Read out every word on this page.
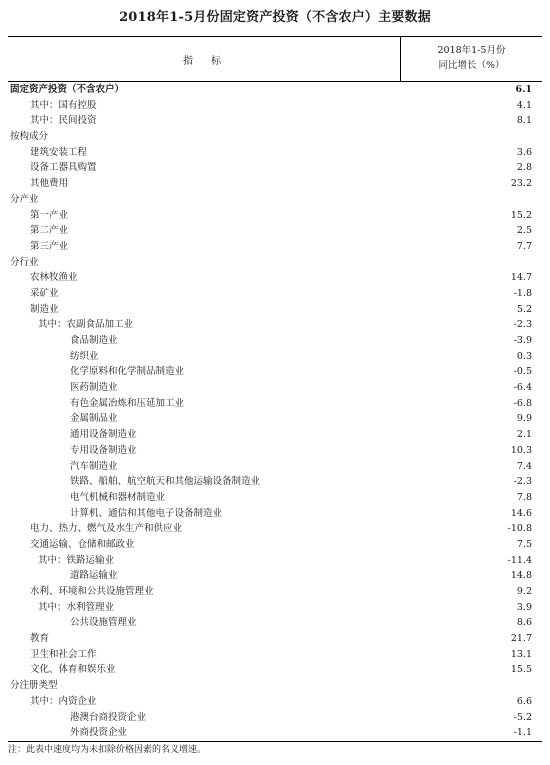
2018年1-5月份固定资产投资（不含农户）主要数据
指　标
2018年1-5月份
同比增长（%）
固定资产投资（不含农户）	6.1
其中：国有控股	4.1
其中：民间投资	8.1
按构成分
建筑安装工程	3.6
设备工器具购置	2.8
其他费用	23.2
分产业
第一产业	15.2
第二产业	2.5
第三产业	7.7
分行业
农林牧渔业	14.7
采矿业	-1.8
制造业	5.2
其中：农副食品加工业	-2.3
食品制造业	-3.9
纺织业	0.3
化学原料和化学制品制造业	-0.5
医药制造业	-6.4
有色金属冶炼和压延加工业	-6.8
金属制品业	9.9
通用设备制造业	2.1
专用设备制造业	10.3
汽车制造业	7.4
铁路、船舶、航空航天和其他运输设备制造业	-2.3
电气机械和器材制造业	7.8
计算机、通信和其他电子设备制造业	14.6
电力、热力、燃气及水生产和供应业	-10.8
交通运输、仓储和邮政业	7.5
其中：铁路运输业	-11.4
道路运输业	14.8
水利、环境和公共设施管理业	9.2
其中：水利管理业	3.9
公共设施管理业	8.6
教育	21.7
卫生和社会工作	13.1
文化、体育和娱乐业	15.5
分注册类型
其中：内资企业	6.6
港澳台商投资企业	-5.2
外商投资企业	-1.1
注：此表中速度均为未扣除价格因素的名义增速。
